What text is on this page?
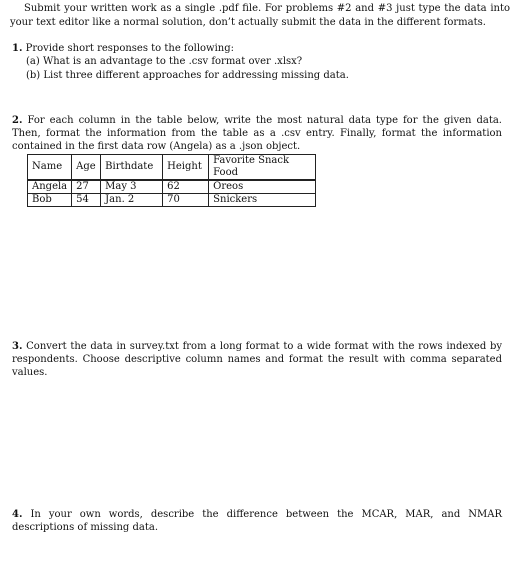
Submit your written work as a single .pdf file. For problems #2 and #3 just type the data into your text editor like a normal solution, don’t actually submit the data in the different formats.
1. Provide short responses to the following:
(a) What is an advantage to the .csv format over .xlsx?
(b) List three different approaches for addressing missing data.
2. For each column in the table below, write the most natural data type for the given data. Then, format the information from the table as a .csv entry. Finally, format the information contained in the first data row (Angela) as a .json object.
Name	Age	Birthdate	Height	Favorite Snack Food
Angela	27	May 3	62	Oreos
Bob	54	Jan. 2	70	Snickers
3. Convert the data in survey.txt from a long format to a wide format with the rows indexed by respondents. Choose descriptive column names and format the result with comma separated values.
4. In your own words, describe the difference between the MCAR, MAR, and NMAR descriptions of missing data.
